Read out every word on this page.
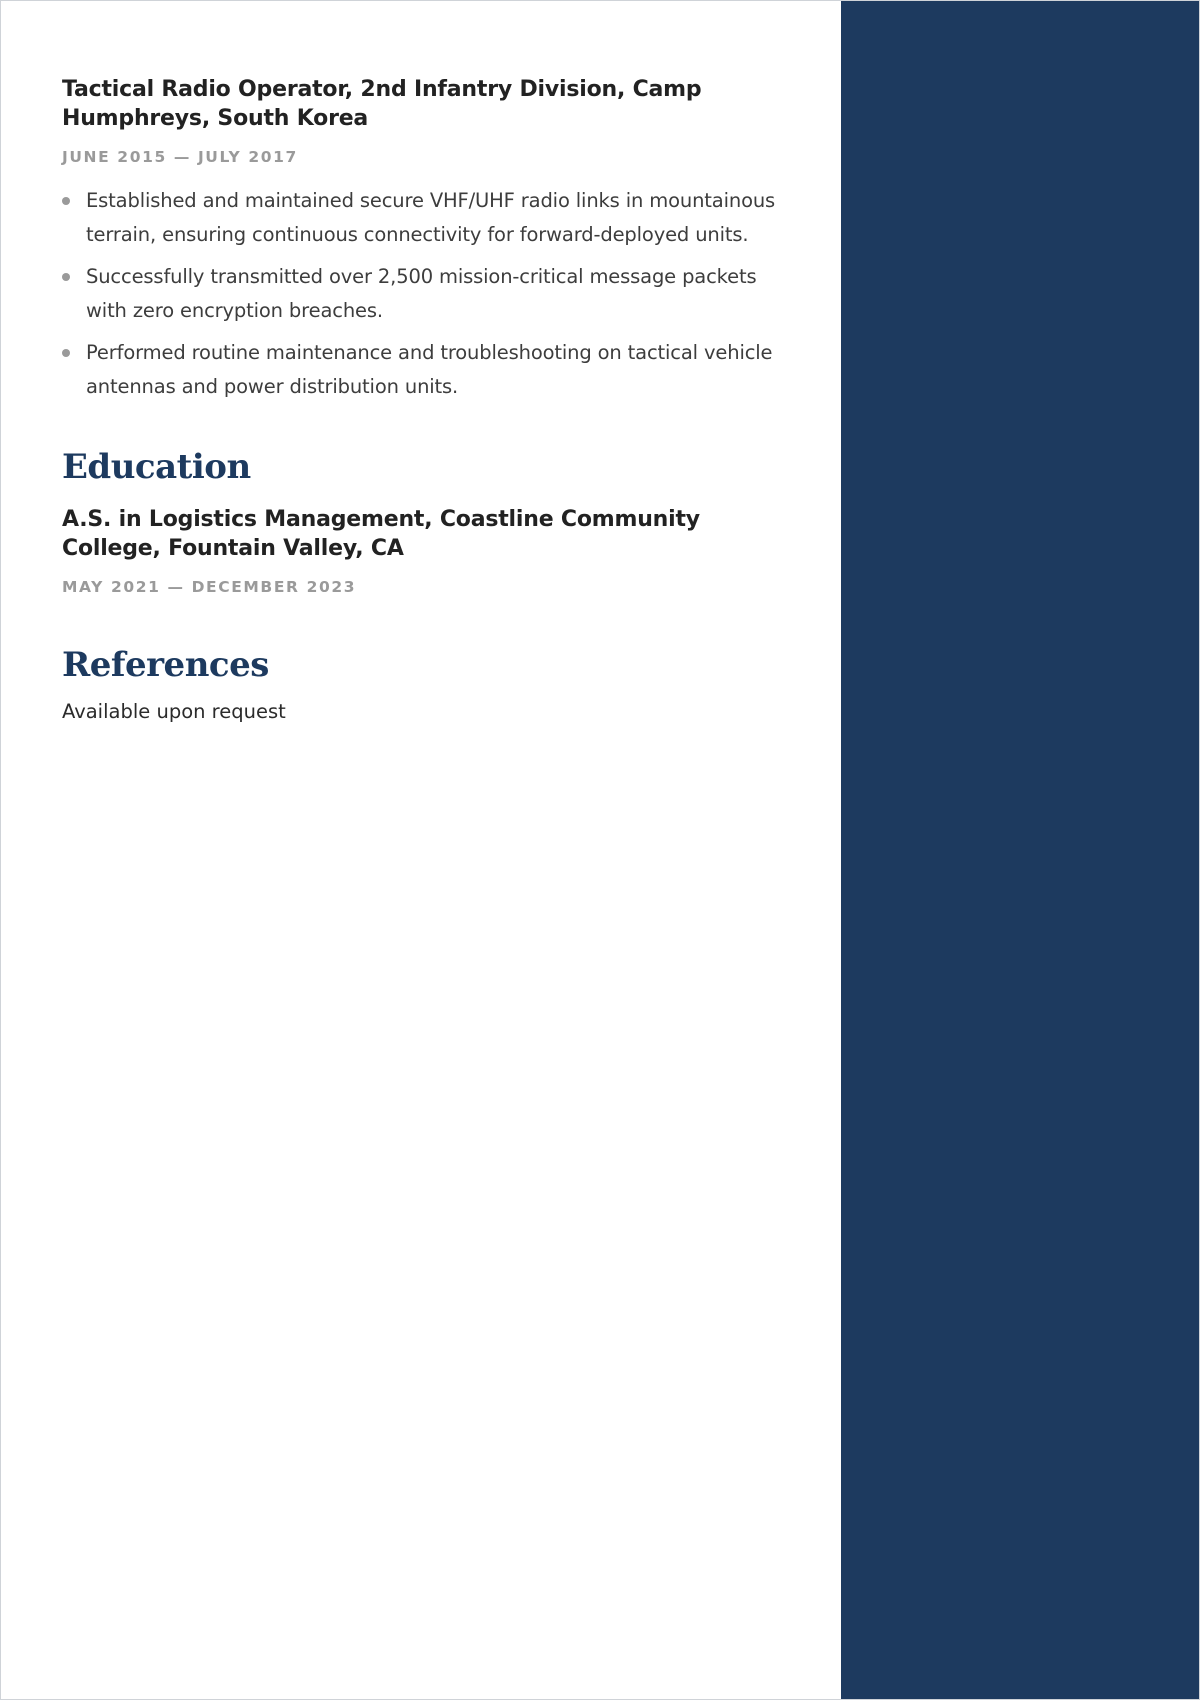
Tactical Radio Operator, 2nd Infantry Division, Camp Humphreys, South Korea
JUNE 2015 — JULY 2017
Established and maintained secure VHF/UHF radio links in mountainous terrain, ensuring continuous connectivity for forward-deployed units.
Successfully transmitted over 2,500 mission-critical message packets with zero encryption breaches.
Performed routine maintenance and troubleshooting on tactical vehicle antennas and power distribution units.
Education
A.S. in Logistics Management, Coastline Community College, Fountain Valley, CA
MAY 2021 — DECEMBER 2023
References
Available upon request
